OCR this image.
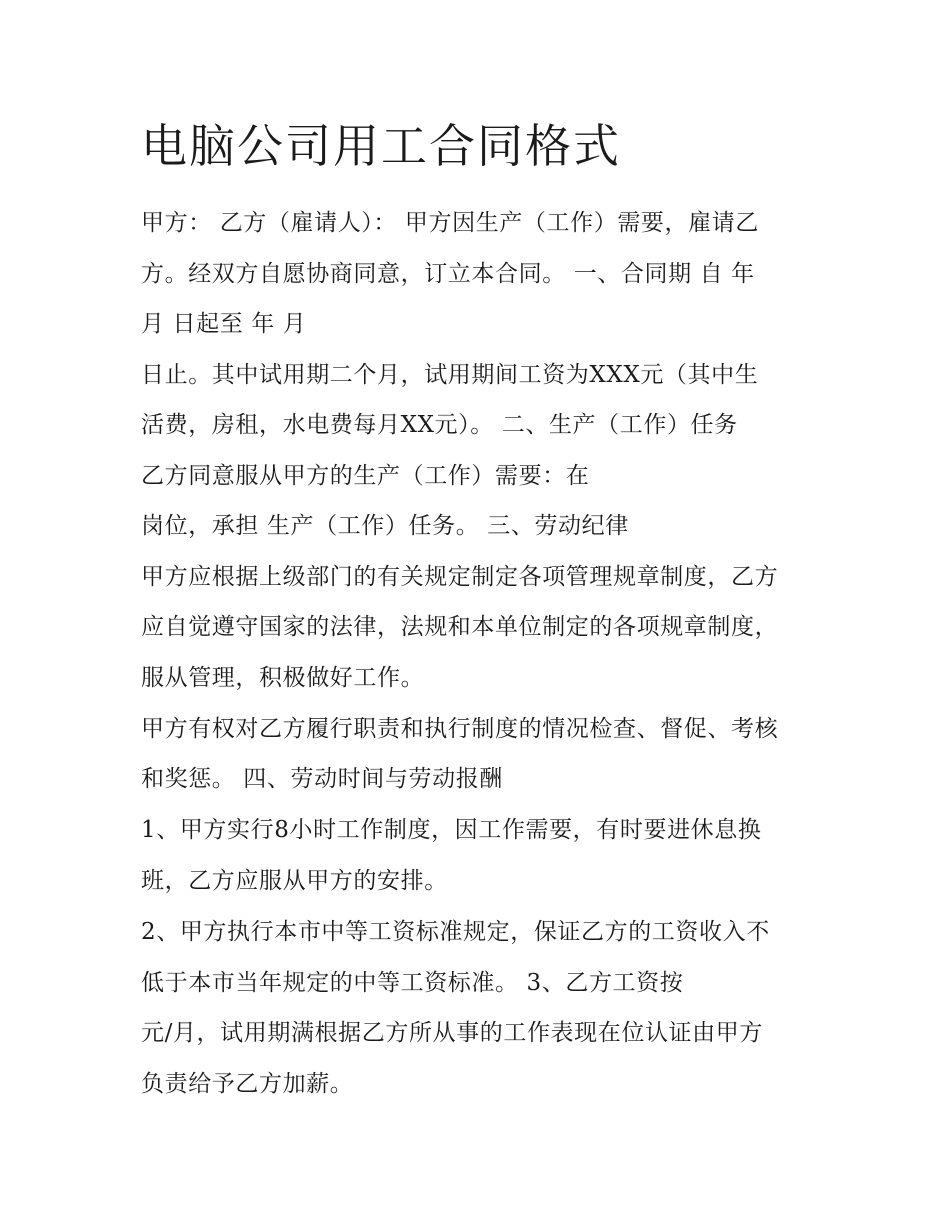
电脑公司用工合同格式
甲方： 乙方（雇请人）： 甲方因生产（工作）需要，雇请乙
方。经双方自愿协商同意，订立本合同。 一、合同期 自 年
月 日起至 年 月
日止。其中试用期二个月，试用期间工资为XXX元（其中生
活费，房租，水电费每月XX元）。 二、生产（工作）任务
乙方同意服从甲方的生产（工作）需要：在
岗位，承担 生产（工作）任务。 三、劳动纪律
甲方应根据上级部门的有关规定制定各项管理规章制度，乙方
应自觉遵守国家的法律，法规和本单位制定的各项规章制度，
服从管理，积极做好工作。
甲方有权对乙方履行职责和执行制度的情况检查、督促、考核
和奖惩。 四、劳动时间与劳动报酬
1、甲方实行8小时工作制度，因工作需要，有时要进休息换
班，乙方应服从甲方的安排。
2、甲方执行本市中等工资标准规定，保证乙方的工资收入不
低于本市当年规定的中等工资标准。 3、乙方工资按
元/月，试用期满根据乙方所从事的工作表现在位认证由甲方
负责给予乙方加薪。
